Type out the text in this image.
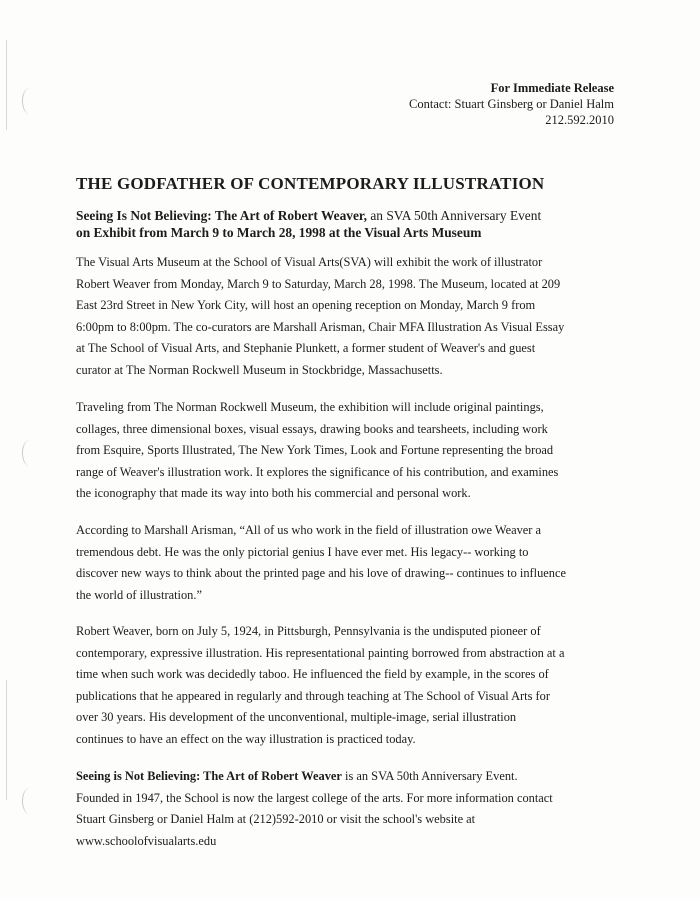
For Immediate Release
Contact: Stuart Ginsberg or Daniel Halm
212.592.2010
THE GODFATHER OF CONTEMPORARY ILLUSTRATION
Seeing Is Not Believing: The Art of Robert Weaver, an SVA 50th Anniversary Event
on Exhibit from March 9 to March 28, 1998 at the Visual Arts Museum
The Visual Arts Museum at the School of Visual Arts(SVA) will exhibit the work of illustrator
Robert Weaver from Monday, March 9 to Saturday, March 28, 1998. The Museum, located at 209
East 23rd Street in New York City, will host an opening reception on Monday, March 9 from
6:00pm to 8:00pm. The co-curators are Marshall Arisman, Chair MFA Illustration As Visual Essay
at The School of Visual Arts, and Stephanie Plunkett, a former student of Weaver's and guest
curator at The Norman Rockwell Museum in Stockbridge, Massachusetts.
Traveling from The Norman Rockwell Museum, the exhibition will include original paintings,
collages, three dimensional boxes, visual essays, drawing books and tearsheets, including work
from Esquire, Sports Illustrated, The New York Times, Look and Fortune representing the broad
range of Weaver's illustration work. It explores the significance of his contribution, and examines
the iconography that made its way into both his commercial and personal work.
According to Marshall Arisman, “All of us who work in the field of illustration owe Weaver a
tremendous debt. He was the only pictorial genius I have ever met. His legacy-- working to
discover new ways to think about the printed page and his love of drawing-- continues to influence
the world of illustration.”
Robert Weaver, born on July 5, 1924, in Pittsburgh, Pennsylvania is the undisputed pioneer of
contemporary, expressive illustration. His representational painting borrowed from abstraction at a
time when such work was decidedly taboo. He influenced the field by example, in the scores of
publications that he appeared in regularly and through teaching at The School of Visual Arts for
over 30 years. His development of the unconventional, multiple-image, serial illustration
continues to have an effect on the way illustration is practiced today.
Seeing is Not Believing: The Art of Robert Weaver is an SVA 50th Anniversary Event.
Founded in 1947, the School is now the largest college of the arts. For more information contact
Stuart Ginsberg or Daniel Halm at (212)592-2010 or visit the school's website at
www.schoolofvisualarts.edu
